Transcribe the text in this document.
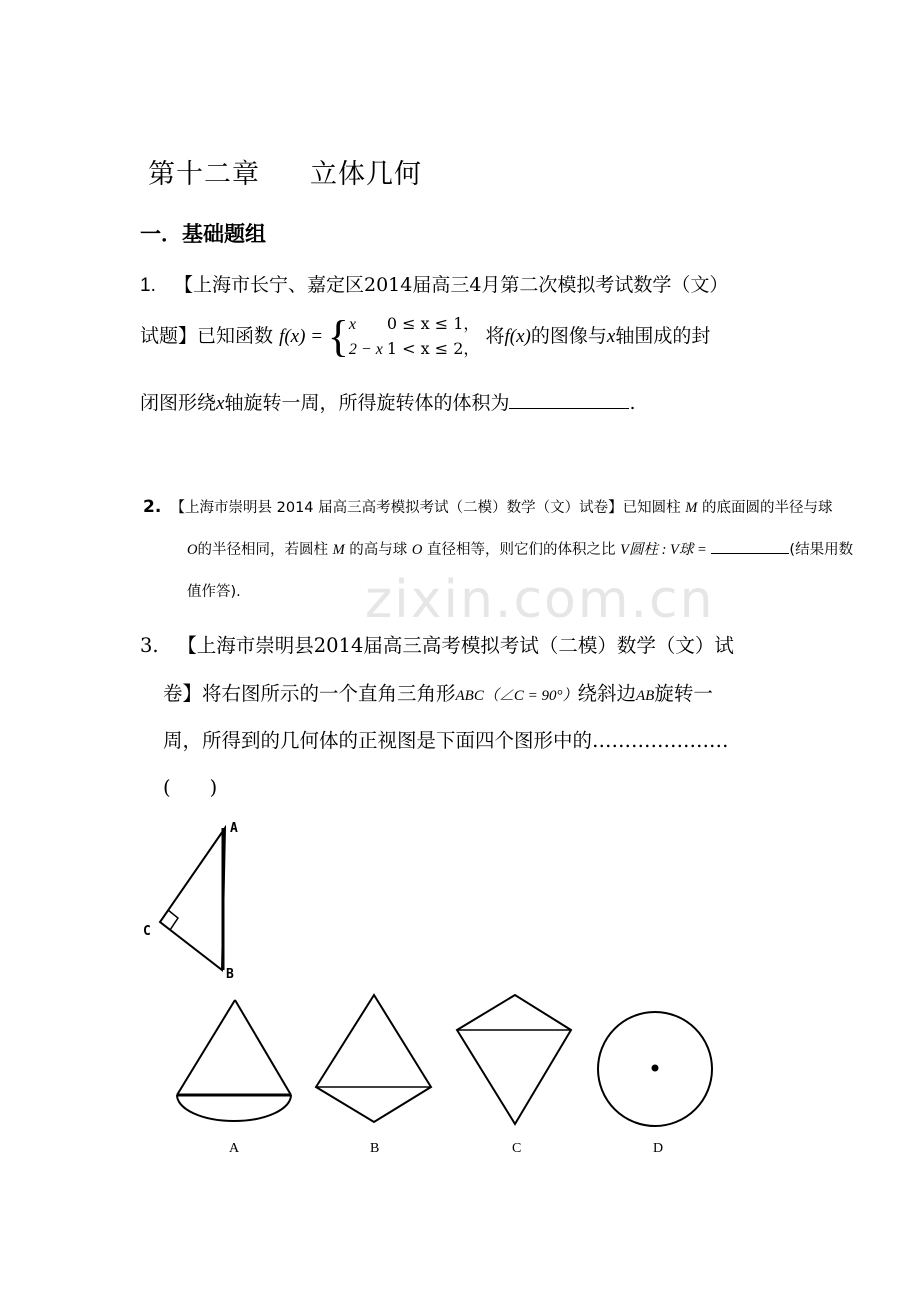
zixin.com.cn
第十二章 立体几何
一．基础题组
1. 【上海市长宁、嘉定区2014届高三4月第二次模拟考试数学（文）
试题】已知函数 f(x) = { x 0 ≤ x ≤ 1，
2 − x 1 < x ≤ 2，
将f(x)的图像与x轴围成的封
闭图形绕x轴旋转一周，所得旋转体的体积为	.
2. 【上海市崇明县 2014 届高三高考模拟考试（二模）数学（文）试卷】已知圆柱 M 的底面圆的半径与球
O的半径相同，若圆柱 M 的高与球 O 直径相等，则它们的体积之比 V圆柱 : V球 =	(结果用数
值作答).
3. 【上海市崇明县2014届高三高考模拟考试（二模）数学（文）试
卷】将右图所示的一个直角三角形ABC（∠C = 90°）绕斜边AB旋转一
周，所得到的几何体的正视图是下面四个图形中的…………………
(　　)
A
B
C
A	B	C	D
